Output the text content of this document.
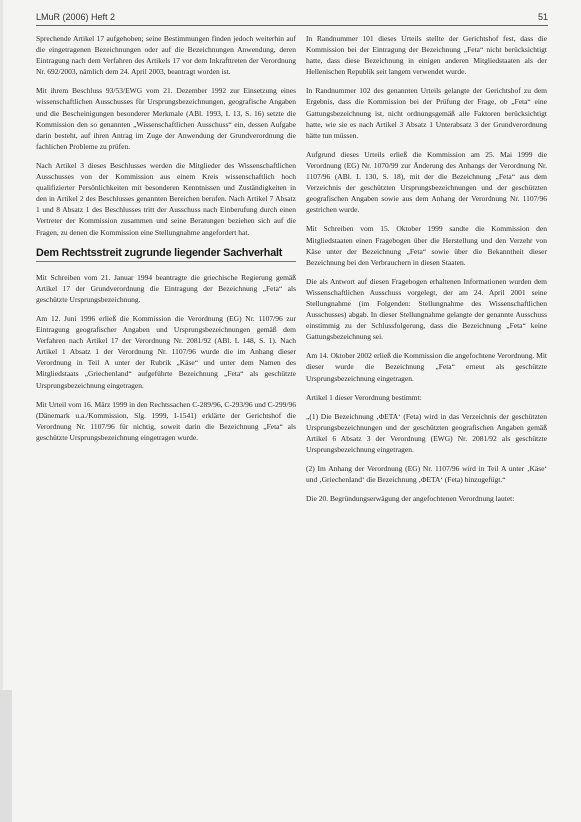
LMuR (2006) Heft 2	51

Sprechende Artikel 17 aufgehoben; seine Bestimmungen finden jedoch weiterhin auf die eingetragenen Bezeichnungen oder auf die Bezeichnungen Anwendung, deren Eintragung nach dem Verfahren des Artikels 17 vor dem Inkrafttreten der Verordnung Nr. 692/2003, nämlich dem 24. April 2003, beantragt worden ist.

Mit ihrem Beschluss 93/53/EWG vom 21. Dezember 1992 zur Einsetzung eines wissenschaftlichen Ausschusses für Ursprungsbezeichnungen, geografische Angaben und die Bescheinigungen besonderer Merkmale (ABl. 1993, L 13, S. 16) setzte die Kommission den so genannten „Wissenschaftlichen Ausschuss“ ein, dessen Aufgabe darin besteht, auf ihren Antrag im Zuge der Anwendung der Grundverordnung die fachlichen Probleme zu prüfen.

Nach Artikel 3 dieses Beschlusses werden die Mitglieder des Wissenschaftlichen Ausschusses von der Kommission aus einem Kreis wissenschaftlich hoch qualifizierter Persönlichkeiten mit besonderen Kenntnissen und Zuständigkeiten in den in Artikel 2 des Beschlusses genannten Bereichen berufen. Nach Artikel 7 Absatz 1 und 8 Absatz 1 des Beschlusses tritt der Ausschuss nach Einberufung durch einen Vertreter der Kommission zusammen und seine Beratungen beziehen sich auf die Fragen, zu denen die Kommission eine Stellungnahme angefordert hat.

Dem Rechtsstreit zugrunde liegender Sachverhalt

Mit Schreiben vom 21. Januar 1994 beantragte die griechische Regierung gemäß Artikel 17 der Grundverordnung die Eintragung der Bezeichnung „Feta“ als geschützte Ursprungsbezeichnung.

Am 12. Juni 1996 erließ die Kommission die Verordnung (EG) Nr. 1107/96 zur Eintragung geografischer Angaben und Ursprungsbezeichnungen gemäß dem Verfahren nach Artikel 17 der Verordnung Nr. 2081/92 (ABl. L 148, S. 1). Nach Artikel 1 Absatz 1 der Verordnung Nr. 1107/96 wurde die im Anhang dieser Verordnung in Teil A unter der Rubrik „Käse“ und unter dem Namen des Mitgliedstaats „Griechenland“ aufgeführte Bezeichnung „Feta“ als geschützte Ursprungsbezeichnung eingetragen.

Mit Urteil vom 16. März 1999 in den Rechtssachen C-289/96, C-293/96 und C-299/96 (Dänemark u.a./Kommission, Slg. 1999, I-1541) erklärte der Gerichtshof die Verordnung Nr. 1107/96 für nichtig, soweit darin die Bezeichnung „Feta“ als geschützte Ursprungsbezeichnung eingetragen wurde.

In Randnummer 101 dieses Urteils stellte der Gerichtshof fest, dass die Kommission bei der Eintragung der Bezeichnung „Feta“ nicht berücksichtigt hatte, dass diese Bezeichnung in einigen anderen Mitgliedstaaten als der Hellenischen Republik seit langem verwendet wurde.

In Randnummer 102 des genannten Urteils gelangte der Gerichtshof zu dem Ergebnis, dass die Kommission bei der Prüfung der Frage, ob „Feta“ eine Gattungsbezeichnung ist, nicht ordnungsgemäß alle Faktoren berücksichtigt hatte, wie sie es nach Artikel 3 Absatz 1 Unterabsatz 3 der Grundverordnung hätte tun müssen.

Aufgrund dieses Urteils erließ die Kommission am 25. Mai 1999 die Verordnung (EG) Nr. 1070/99 zur Änderung des Anhangs der Verordnung Nr. 1107/96 (ABl. L 130, S. 18), mit der die Bezeichnung „Feta“ aus dem Verzeichnis der geschützten Ursprungsbezeichnungen und der geschützten geografischen Angaben sowie aus dem Anhang der Verordnung Nr. 1107/96 gestrichen wurde.

Mit Schreiben vom 15. Oktober 1999 sandte die Kommission den Mitgliedstaaten einen Fragebogen über die Herstellung und den Verzehr von Käse unter der Bezeichnung „Feta“ sowie über die Bekanntheit dieser Bezeichnung bei den Verbrauchern in diesen Staaten.

Die als Antwort auf diesen Fragebogen erhaltenen Informationen wurden dem Wissenschaftlichen Ausschuss vorgelegt, der am 24. April 2001 seine Stellungnahme (im Folgenden: Stellungnahme des Wissenschaftlichen Ausschusses) abgab. In dieser Stellungnahme gelangte der genannte Ausschuss einstimmig zu der Schlussfolgerung, dass die Bezeichnung „Feta“ keine Gattungsbezeichnung sei.

Am 14. Oktober 2002 erließ die Kommission die angefochtene Verordnung. Mit dieser wurde die Bezeichnung „Feta“ erneut als geschützte Ursprungsbezeichnung eingetragen.

Artikel 1 dieser Verordnung bestimmt:

„(1) Die Bezeichnung ‚ΦΕΤΑ‘ (Feta) wird in das Verzeichnis der geschützten Ursprungsbezeichnungen und der geschützten geografischen Angaben gemäß Artikel 6 Absatz 3 der Verordnung (EWG) Nr. 2081/92 als geschützte Ursprungsbezeichnung eingetragen.

(2) Im Anhang der Verordnung (EG) Nr. 1107/96 wird in Teil A unter ‚Käse‘ und ‚Griechenland‘ die Bezeichnung ‚ΦΕΤΑ‘ (Feta) hinzugefügt.“

Die 20. Begründungserwägung der angefochtenen Verordnung lautet:
